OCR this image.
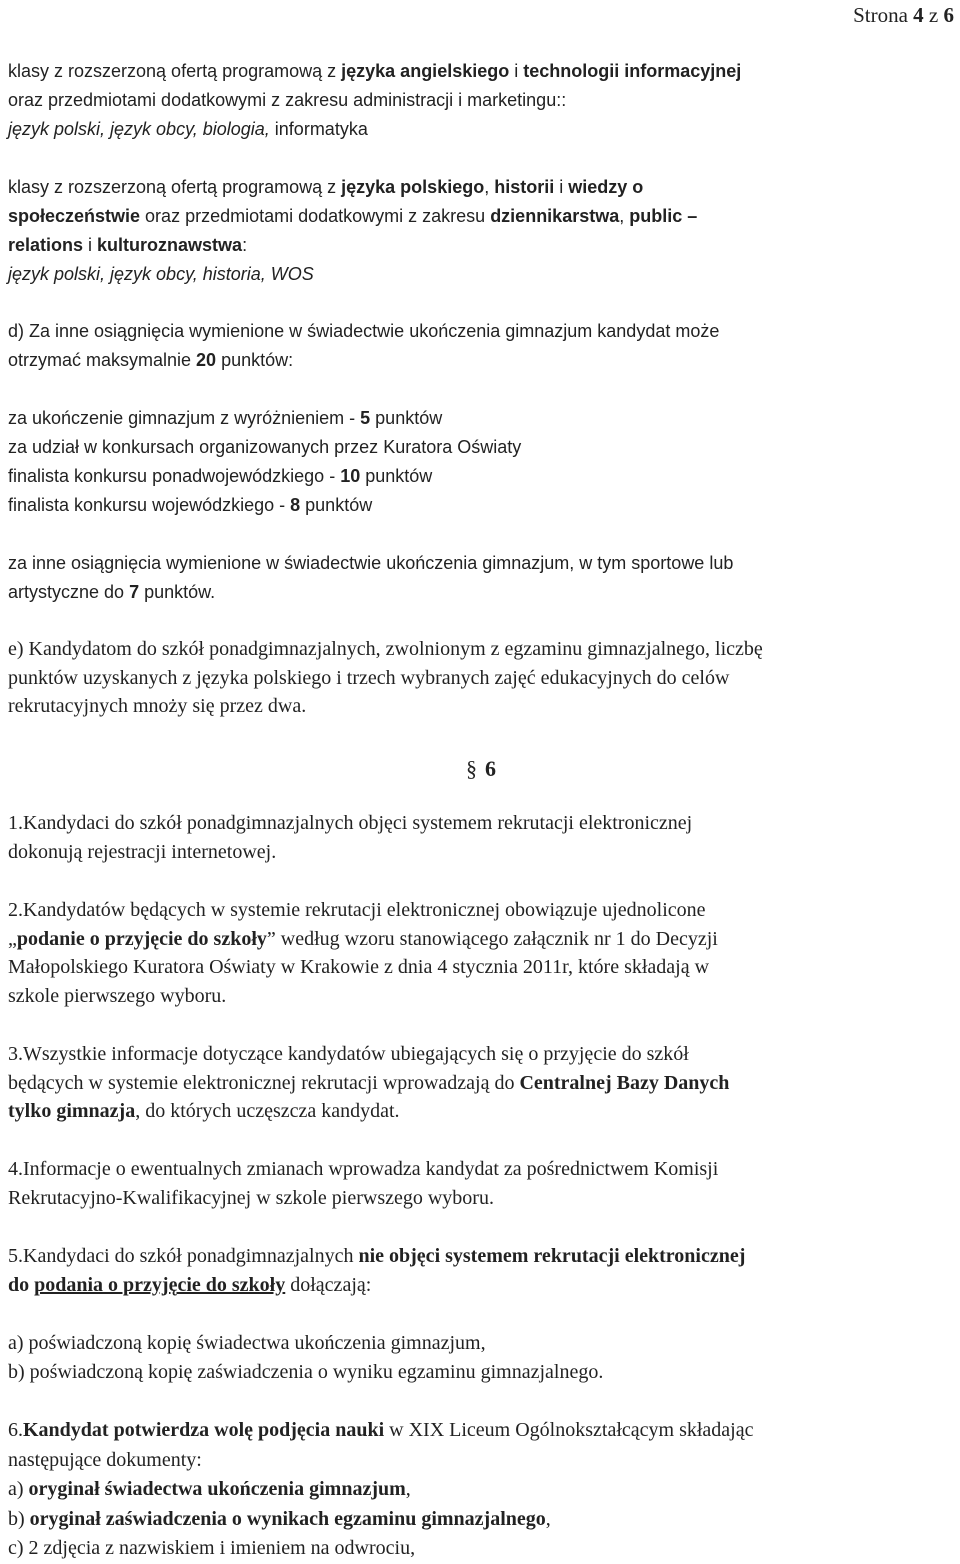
Strona 4 z 6
klasy z rozszerzoną ofertą programową z języka angielskiego i technologii informacyjnej
oraz przedmiotami dodatkowymi z zakresu administracji i marketingu::
język polski, język obcy, biologia, informatyka
klasy z rozszerzoną ofertą programową z języka polskiego, historii i wiedzy o
społeczeństwie oraz przedmiotami dodatkowymi z zakresu dziennikarstwa, public –
relations i kulturoznawstwa:
język polski, język obcy, historia, WOS
d) Za inne osiągnięcia wymienione w świadectwie ukończenia gimnazjum kandydat może
otrzymać maksymalnie 20 punktów:
za ukończenie gimnazjum z wyróżnieniem - 5 punktów
za udział w konkursach organizowanych przez Kuratora Oświaty
finalista konkursu ponadwojewódzkiego - 10 punktów
finalista konkursu wojewódzkiego - 8 punktów
za inne osiągnięcia wymienione w świadectwie ukończenia gimnazjum, w tym sportowe lub
artystyczne do 7 punktów.
e) Kandydatom do szkół ponadgimnazjalnych, zwolnionym z egzaminu gimnazjalnego, liczbę
punktów uzyskanych z języka polskiego i trzech wybranych zajęć edukacyjnych do celów
rekrutacyjnych mnoży się przez dwa.
§ 6
1.Kandydaci do szkół ponadgimnazjalnych objęci systemem rekrutacji elektronicznej
dokonują rejestracji internetowej.
2.Kandydatów będących w systemie rekrutacji elektronicznej obowiązuje ujednolicone
„podanie o przyjęcie do szkoły” według wzoru stanowiącego załącznik nr 1 do Decyzji
Małopolskiego Kuratora Oświaty w Krakowie z dnia 4 stycznia 2011r, które składają w
szkole pierwszego wyboru.
3.Wszystkie informacje dotyczące kandydatów ubiegających się o przyjęcie do szkół
będących w systemie elektronicznej rekrutacji wprowadzają do Centralnej Bazy Danych
tylko gimnazja, do których uczęszcza kandydat.
4.Informacje o ewentualnych zmianach wprowadza kandydat za pośrednictwem Komisji
Rekrutacyjno-Kwalifikacyjnej w szkole pierwszego wyboru.
5.Kandydaci do szkół ponadgimnazjalnych nie objęci systemem rekrutacji elektronicznej
do podania o przyjęcie do szkoły dołączają:
a) poświadczoną kopię świadectwa ukończenia gimnazjum,
b) poświadczoną kopię zaświadczenia o wyniku egzaminu gimnazjalnego.
6.Kandydat potwierdza wolę podjęcia nauki w XIX Liceum Ogólnokształcącym składając
następujące dokumenty:
a) oryginał świadectwa ukończenia gimnazjum,
b) oryginał zaświadczenia o wynikach egzaminu gimnazjalnego,
c) 2 zdjęcia z nazwiskiem i imieniem na odwrociu,
